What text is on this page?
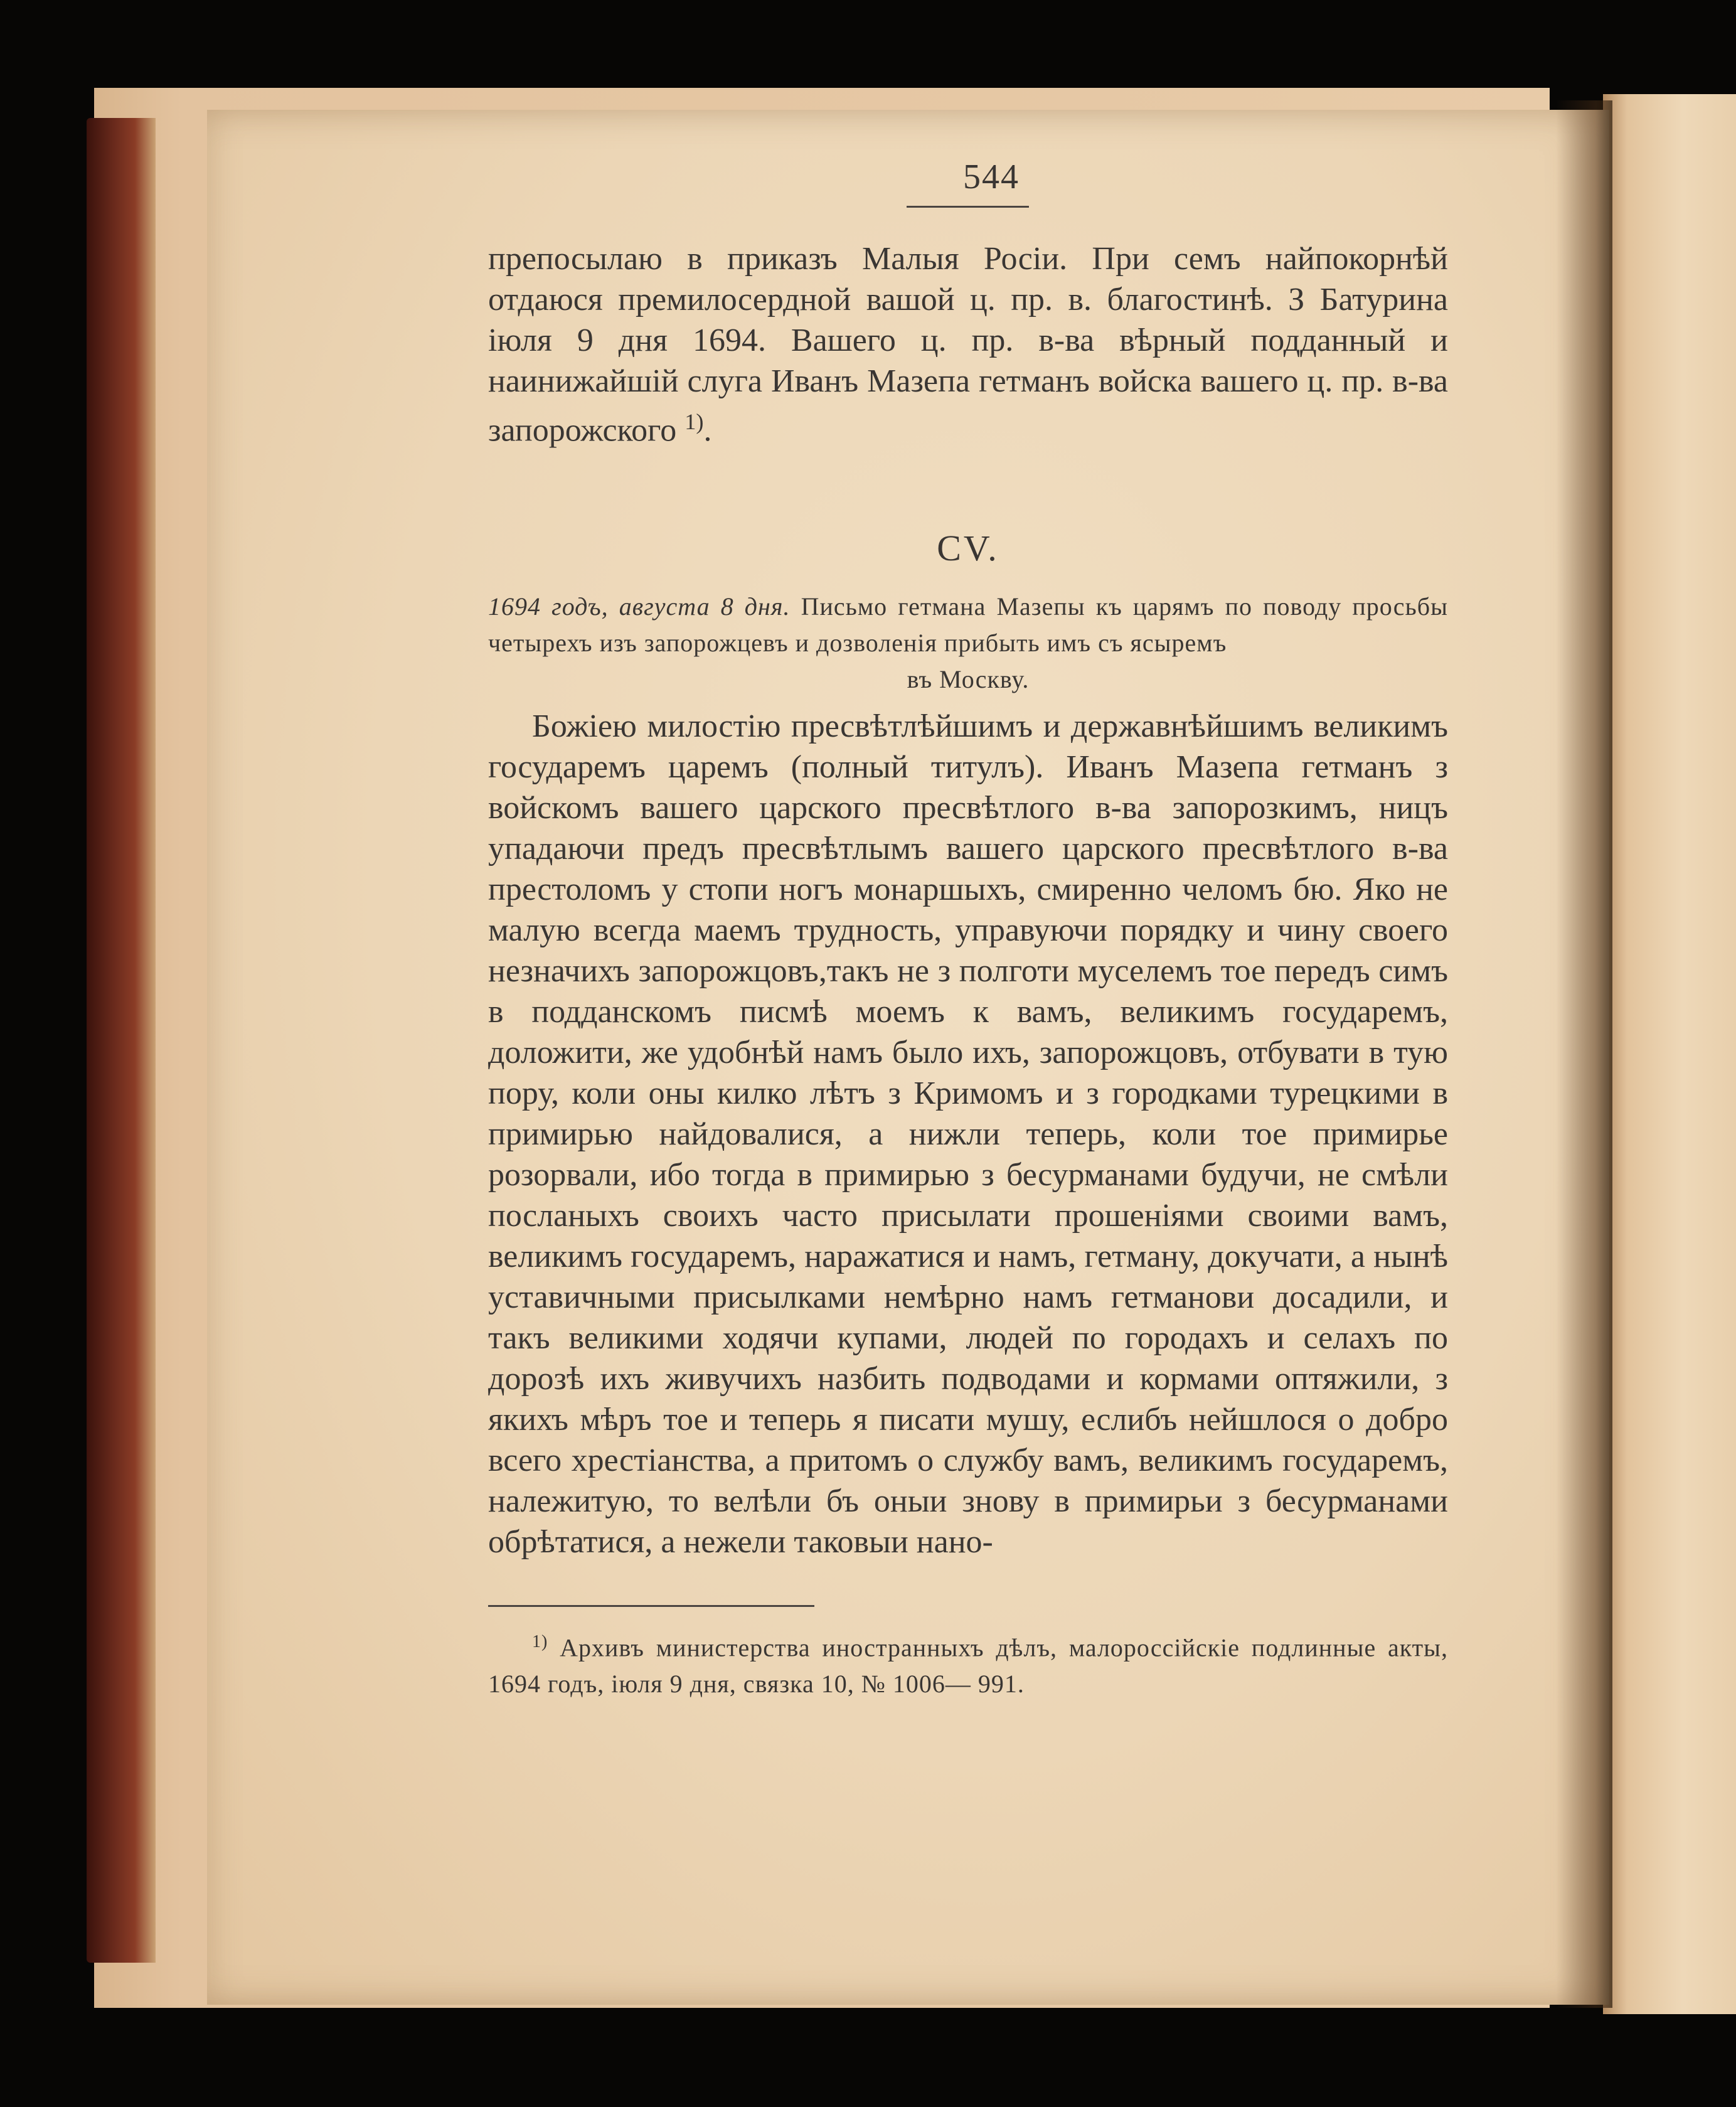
544

препосылаю в приказъ Малыя Росіи. При семъ найпокорнѣй отдаюся премилосердной вашой ц. пр. в. благостинѣ. З Батурина іюля 9 дня 1694. Вашего ц. пр. в-ва вѣрный подданный и наинижайшій слуга Иванъ Мазепа гетманъ войска вашего ц. пр. в-ва запорожского $^{1)}$.

CV.
1694 годъ, августа 8 дня. Письмо гетмана Мазепы къ царямъ по поводу просьбы четырехъ изъ запорожцевъ и дозволенія прибыть имъ съ ясыремъ
въ Москву.

Божіею милостію пресвѣтлѣйшимъ и державнѣйшимъ великимъ государемъ царемъ (полный титулъ). Иванъ Мазепа гетманъ з войскомъ вашего царского пресвѣтлого в-ва запорозкимъ, ницъ упадаючи предъ пресвѣтлымъ вашего царского пресвѣтлого в-ва престоломъ у стопи ногъ монаршыхъ, смиренно челомъ бю. Яко не малую всегда маемъ трудность, управуючи порядку и чину своего незначихъ запорожцовъ,такъ не з полготи муселемъ тое передъ симъ в подданскомъ писмѣ моемъ к вамъ, великимъ государемъ, доложити, же удобнѣй намъ было ихъ, запорожцовъ, отбувати в тую пору, коли оны килко лѣтъ з Кримомъ и з городками турецкими в примирью найдовалися, а нижли теперь, коли тое примирье розорвали, ибо тогда в примирью з бесурманами будучи, не смѣли посланыхъ своихъ часто присылати прошеніями своими вамъ, великимъ государемъ, наражатися и намъ, гетману, докучати, а нынѣ уставичными присылками немѣрно намъ гетманови досадили, и такъ великими ходячи купами, людей по городахъ и селахъ по дорозѣ ихъ живучихъ назбить подводами и кормами оптяжили, з якихъ мѣръ тое и теперь я писати мушу, еслибъ нейшлося о добро всего хрестіанства, а притомъ о службу вамъ, великимъ государемъ, належитую, то велѣли бъ оныи знову в примирьи з бесурманами обрѣтатися, а нежели таковыи нано-

$^{1)}$ Архивъ министерства иностранныхъ дѣлъ, малороссійскіе подлинные акты, 1694 годъ, іюля 9 дня, связка 10, № 1006— 991.
